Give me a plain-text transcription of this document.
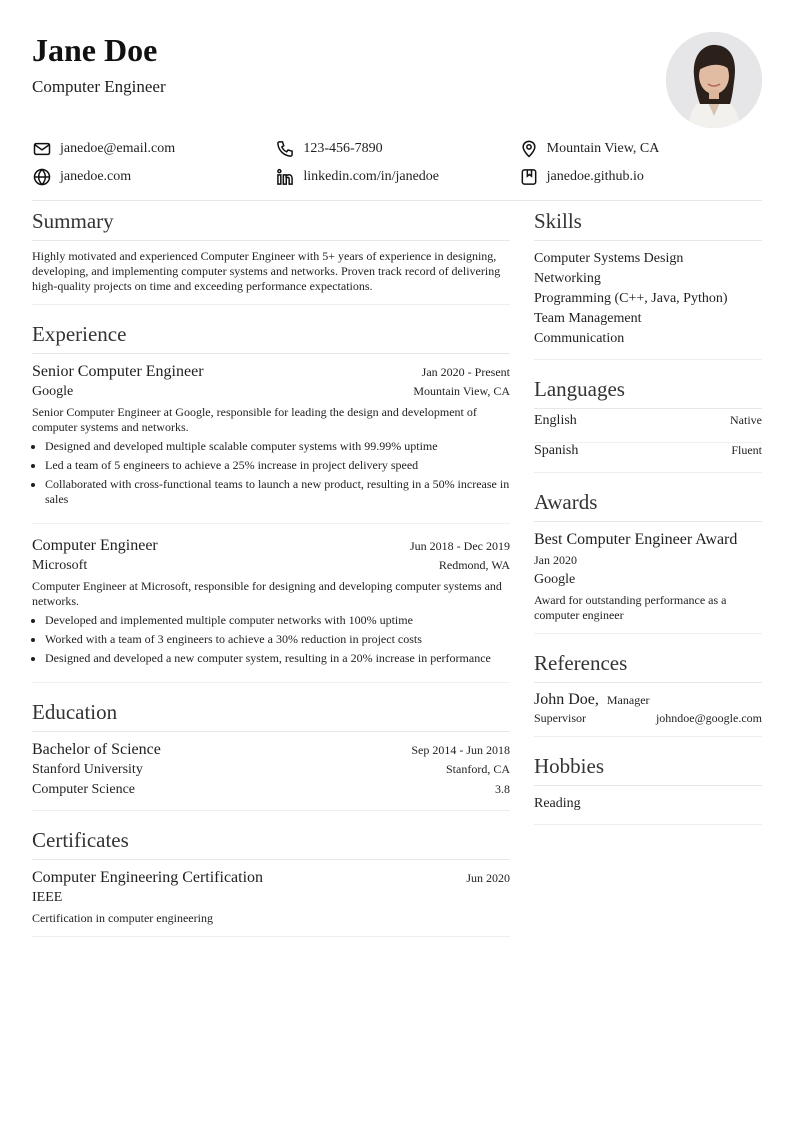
Jane Doe
Computer Engineer
janedoe@email.com	123-456-7890	Mountain View, CA
janedoe.com	linkedin.com/in/janedoe	janedoe.github.io
Summary
Highly motivated and experienced Computer Engineer with 5+ years of experience in designing, developing, and implementing computer systems and networks. Proven track record of delivering high-quality projects on time and exceeding performance expectations.
Experience
Senior Computer Engineer	Jan 2020 - Present
Google	Mountain View, CA
Senior Computer Engineer at Google, responsible for leading the design and development of computer systems and networks.
• Designed and developed multiple scalable computer systems with 99.99% uptime
• Led a team of 5 engineers to achieve a 25% increase in project delivery speed
• Collaborated with cross-functional teams to launch a new product, resulting in a 50% increase in sales
Computer Engineer	Jun 2018 - Dec 2019
Microsoft	Redmond, WA
Computer Engineer at Microsoft, responsible for designing and developing computer systems and networks.
• Developed and implemented multiple computer networks with 100% uptime
• Worked with a team of 3 engineers to achieve a 30% reduction in project costs
• Designed and developed a new computer system, resulting in a 20% increase in performance
Education
Bachelor of Science	Sep 2014 - Jun 2018
Stanford University	Stanford, CA
Computer Science	3.8
Certificates
Computer Engineering Certification	Jun 2020
IEEE
Certification in computer engineering
Skills
Computer Systems Design
Networking
Programming (C++, Java, Python)
Team Management
Communication
Languages
English	Native
Spanish	Fluent
Awards
Best Computer Engineer Award
Jan 2020
Google
Award for outstanding performance as a computer engineer
References
John Doe, Manager
Supervisor	johndoe@google.com
Hobbies
Reading
